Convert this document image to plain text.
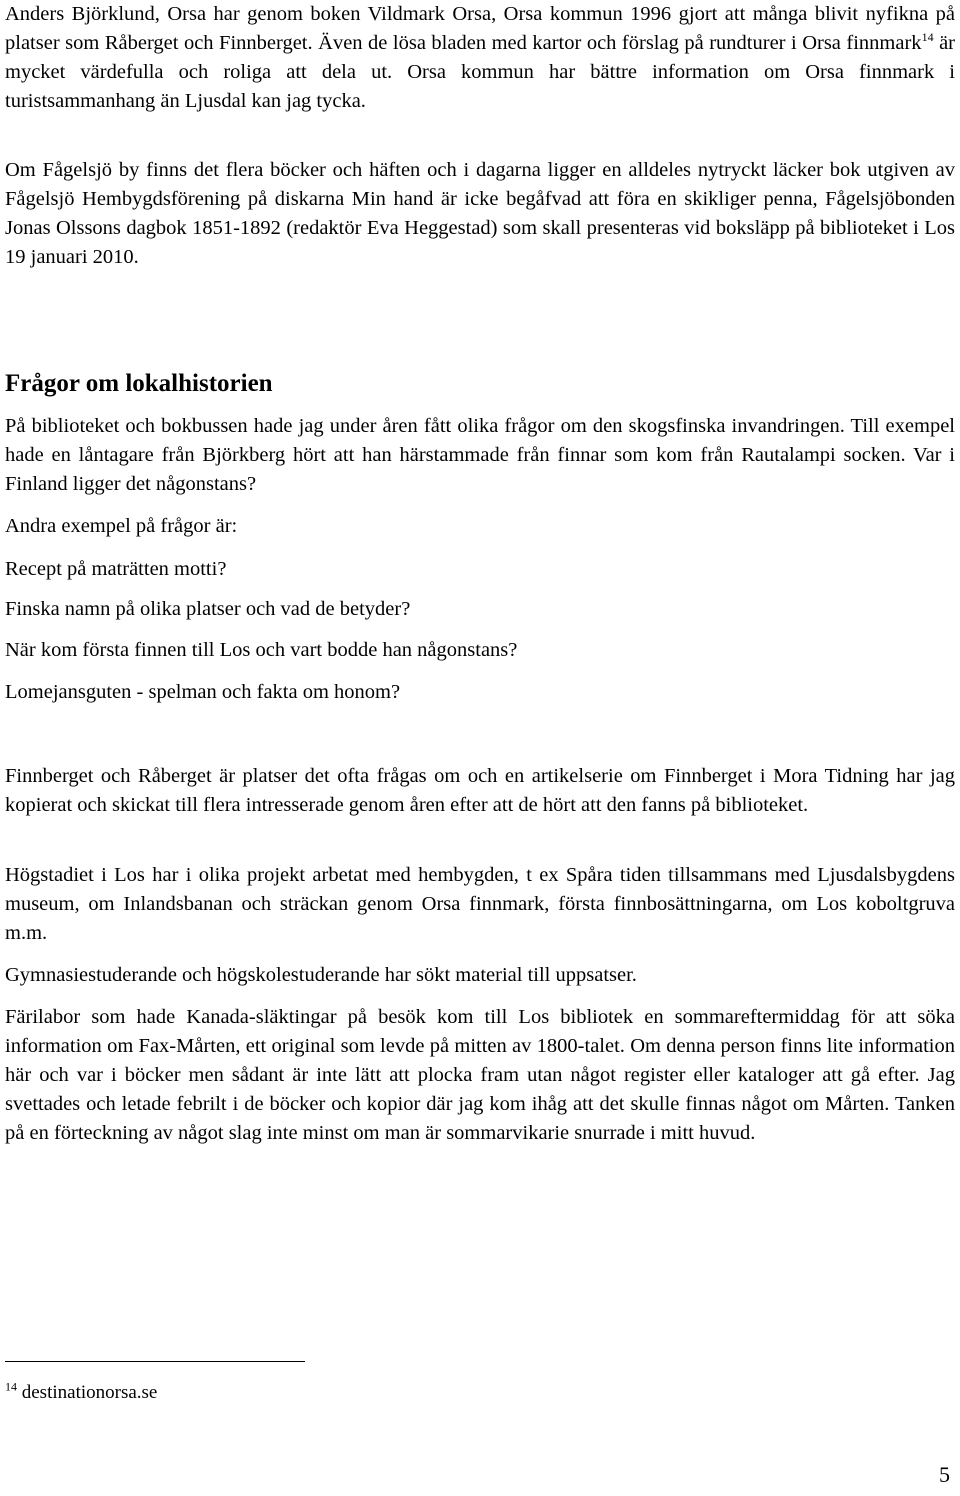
Anders Björklund, Orsa har genom boken Vildmark Orsa, Orsa kommun 1996 gjort att många blivit nyfikna på platser som Råberget och Finnberget. Även de lösa bladen med kartor och förslag på rundturer i Orsa finnmark$^{14}$ är mycket värdefulla och roliga att dela ut. Orsa kommun har bättre information om Orsa finnmark i turistsammanhang än Ljusdal kan jag tycka.

Om Fågelsjö by finns det flera böcker och häften och i dagarna ligger en alldeles nytryckt läcker bok utgiven av Fågelsjö Hembygdsförening på diskarna Min hand är icke begåfvad att föra en skikliger penna, Fågelsjöbonden Jonas Olssons dagbok 1851-1892 (redaktör Eva Heggestad) som skall presenteras vid boksläpp på biblioteket i Los 19 januari 2010.

Frågor om lokalhistorien

På biblioteket och bokbussen hade jag under åren fått olika frågor om den skogsfinska invandringen. Till exempel hade en låntagare från Björkberg hört att han härstammade från finnar som kom från Rautalampi socken. Var i Finland ligger det någonstans?

Andra exempel på frågor är:

Recept på maträtten motti?

Finska namn på olika platser och vad de betyder?

När kom första finnen till Los och vart bodde han någonstans?

Lomejansguten - spelman och fakta om honom?

Finnberget och Råberget är platser det ofta frågas om och en artikelserie om Finnberget i Mora Tidning har jag kopierat och skickat till flera intresserade genom åren efter att de hört att den fanns på biblioteket.

Högstadiet i Los har i olika projekt arbetat med hembygden, t ex Spåra tiden tillsammans med Ljusdalsbygdens museum, om Inlandsbanan och sträckan genom Orsa finnmark, första finnbosättningarna, om Los koboltgruva m.m.

Gymnasiestuderande och högskolestuderande har sökt material till uppsatser.

Färilabor som hade Kanada-släktingar på besök kom till Los bibliotek en sommareftermiddag för att söka information om Fax-Mårten, ett original som levde på mitten av 1800-talet. Om denna person finns lite information här och var i böcker men sådant är inte lätt att plocka fram utan något register eller kataloger att gå efter. Jag svettades och letade febrilt i de böcker och kopior där jag kom ihåg att det skulle finnas något om Mårten. Tanken på en förteckning av något slag inte minst om man är sommarvikarie snurrade i mitt huvud.

$^{14}$ destinationorsa.se
5
